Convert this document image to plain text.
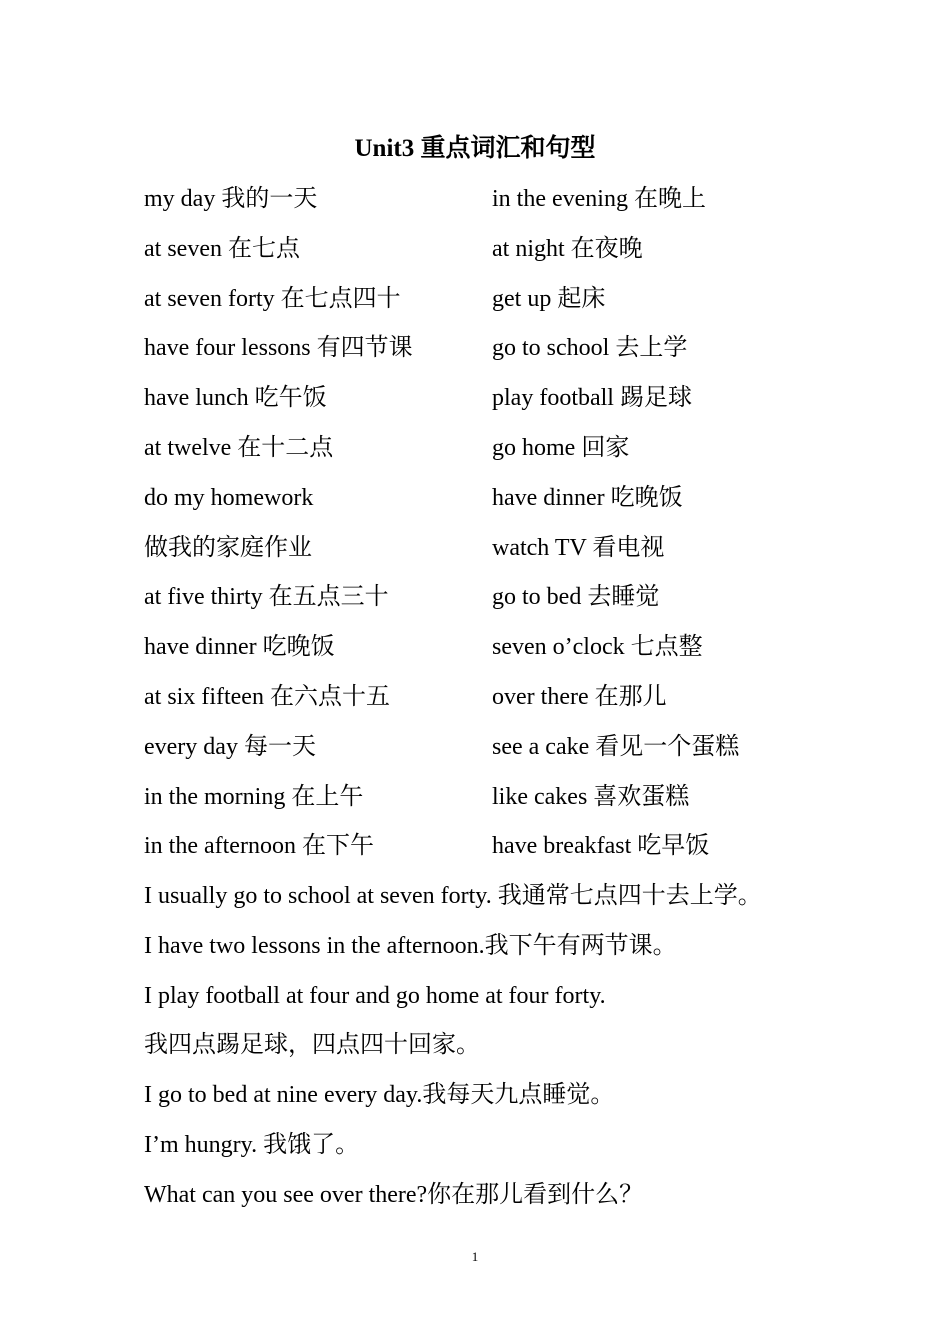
Unit3 重点词汇和句型
my day 我的一天	in the evening 在晚上
at seven 在七点	at night 在夜晚
at seven forty 在七点四十	get up 起床
have four lessons 有四节课	go to school 去上学
have lunch 吃午饭	play football 踢足球
at twelve 在十二点	go home 回家
do my homework	have dinner 吃晚饭
做我的家庭作业	watch TV 看电视
at five thirty 在五点三十	go to bed 去睡觉
have dinner 吃晚饭	seven o’clock 七点整
at six fifteen 在六点十五	over there 在那儿
every day 每一天	see a cake 看见一个蛋糕
in the morning 在上午	like cakes 喜欢蛋糕
in the afternoon 在下午	have breakfast 吃早饭
I usually go to school at seven forty. 我通常七点四十去上学。
I have two lessons in the afternoon.我下午有两节课。
I play football at four and go home at four forty.
我四点踢足球，四点四十回家。
I go to bed at nine every day.我每天九点睡觉。
I’m hungry. 我饿了。
What can you see over there?你在那儿看到什么？
1
